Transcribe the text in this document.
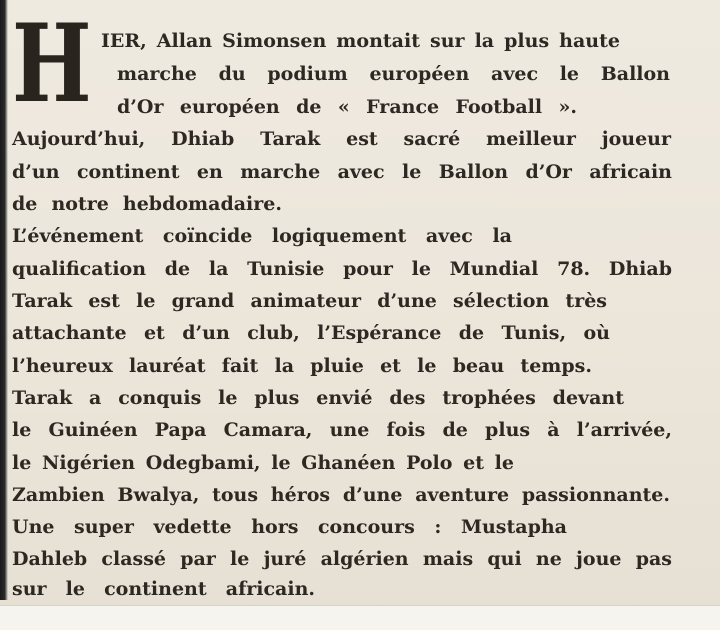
H IER, Allan Simonsen montait sur la plus haute
marche du podium européen avec le Ballon
d’Or européen de « France Football ».
Aujourd’hui, Dhiab Tarak est sacré meilleur joueur
d’un continent en marche avec le Ballon d’Or africain
de notre hebdomadaire.
L’événement coïncide logiquement avec la
qualification de la Tunisie pour le Mundial 78. Dhiab
Tarak est le grand animateur d’une sélection très
attachante et d’un club, l’Espérance de Tunis, où
l’heureux lauréat fait la pluie et le beau temps.
Tarak a conquis le plus envié des trophées devant
le Guinéen Papa Camara, une fois de plus à l’arrivée,
le Nigérien Odegbami, le Ghanéen Polo et le
Zambien Bwalya, tous héros d’une aventure passionnante.
Une super vedette hors concours : Mustapha
Dahleb classé par le juré algérien mais qui ne joue pas
sur le continent africain.
